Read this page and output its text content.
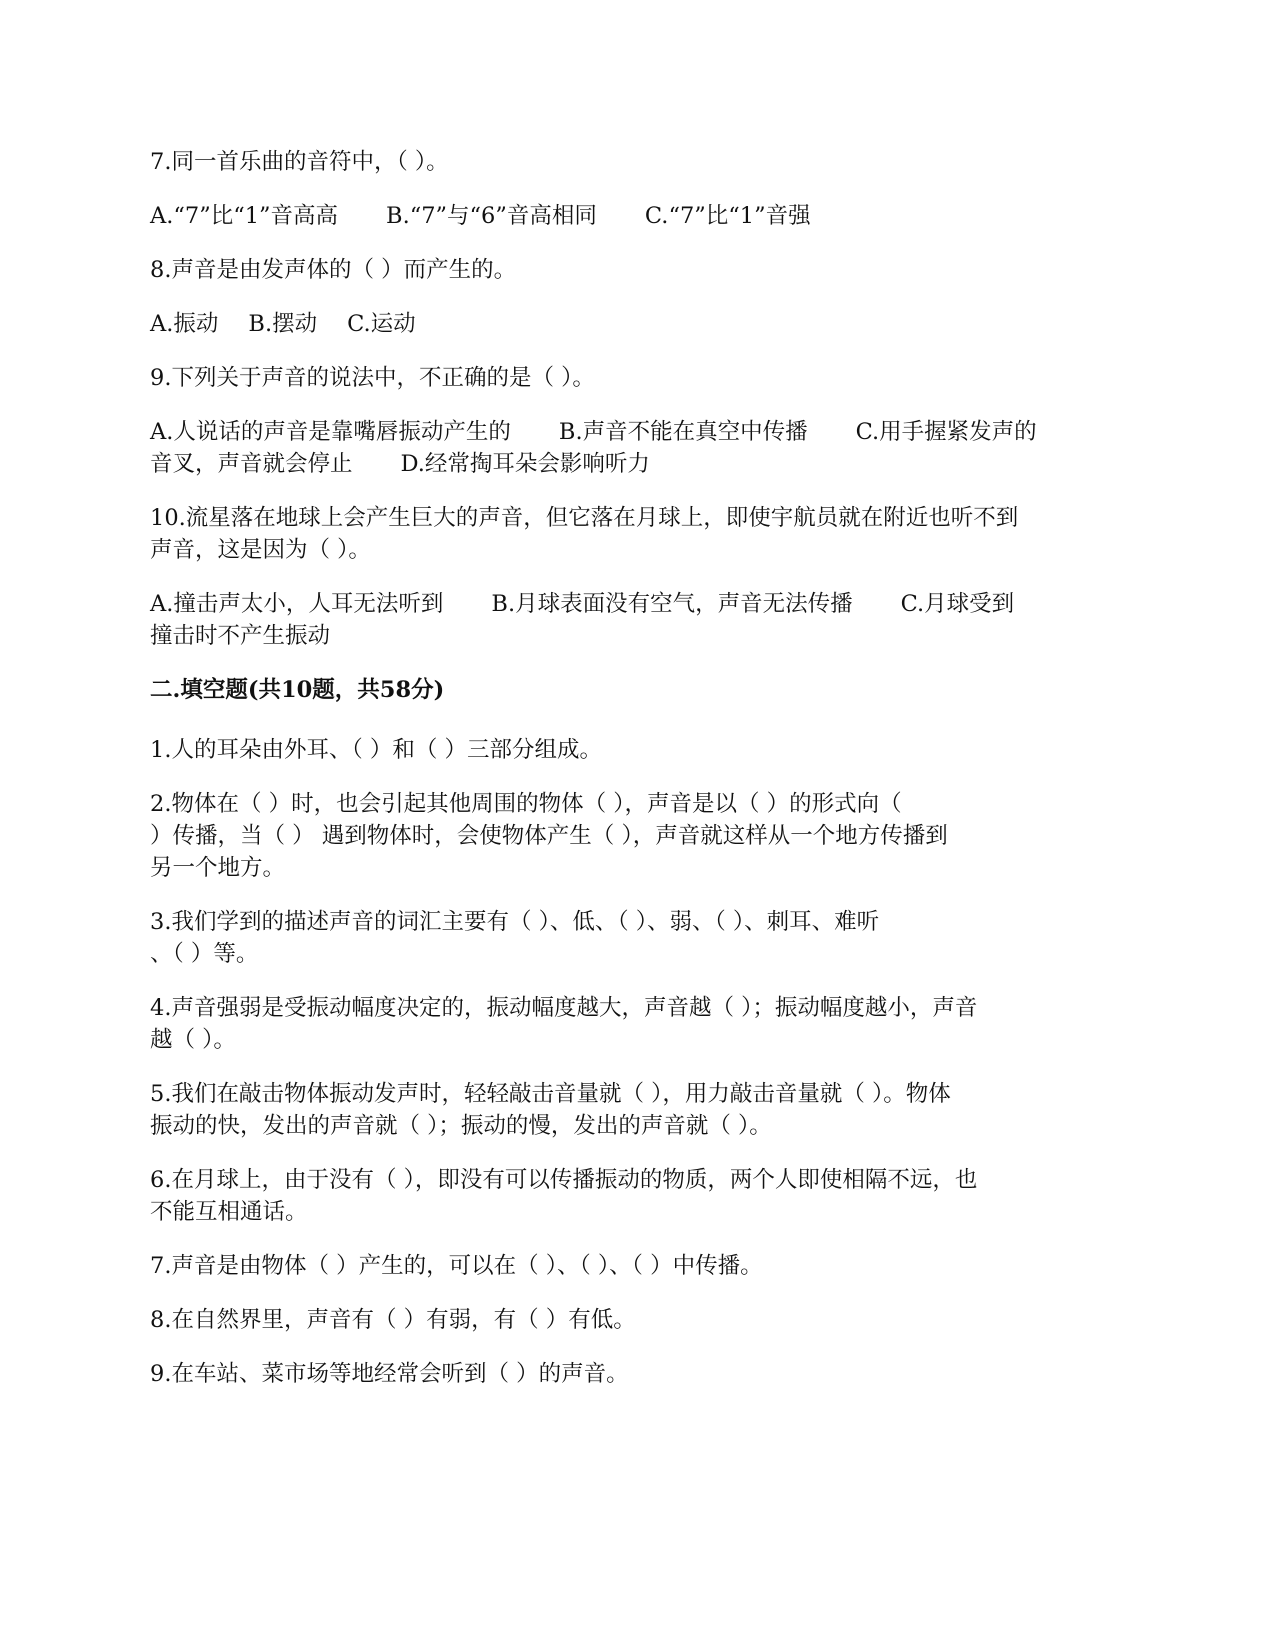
7.同一首乐曲的音符中，（ ）。
A.“7”比“1”音高高 B.“7”与“6”音高相同 C.“7”比“1”音强
8.声音是由发声体的（ ）而产生的。
A.振动 B.摆动 C.运动
9.下列关于声音的说法中，不正确的是（ ）。
A.人说话的声音是靠嘴唇振动产生的 B.声音不能在真空中传播 C.用手握紧发声的
音叉，声音就会停止 D.经常掏耳朵会影响听力
10.流星落在地球上会产生巨大的声音，但它落在月球上，即使宇航员就在附近也听不到
声音，这是因为（ ）。
A.撞击声太小，人耳无法听到 B.月球表面没有空气，声音无法传播 C.月球受到
撞击时不产生振动
二.填空题(共10题，共58分)
1.人的耳朵由外耳、（ ）和（ ）三部分组成。
2.物体在（ ）时，也会引起其他周围的物体（ ），声音是以（ ）的形式向（
）传播，当（ ） 遇到物体时，会使物体产生（ ），声音就这样从一个地方传播到
另一个地方。
3.我们学到的描述声音的词汇主要有（ ）、低、（ ）、弱、（ ）、刺耳、难听
、（ ）等。
4.声音强弱是受振动幅度决定的，振动幅度越大，声音越（ ）；振动幅度越小，声音
越（ ）。
5.我们在敲击物体振动发声时，轻轻敲击音量就（ ），用力敲击音量就（ ）。物体
振动的快，发出的声音就（ ）；振动的慢，发出的声音就（ ）。
6.在月球上，由于没有（ ），即没有可以传播振动的物质，两个人即使相隔不远，也
不能互相通话。
7.声音是由物体（ ）产生的，可以在（ ）、（ ）、（ ）中传播。
8.在自然界里，声音有（ ）有弱，有（ ）有低。
9.在车站、菜市场等地经常会听到（ ）的声音。
